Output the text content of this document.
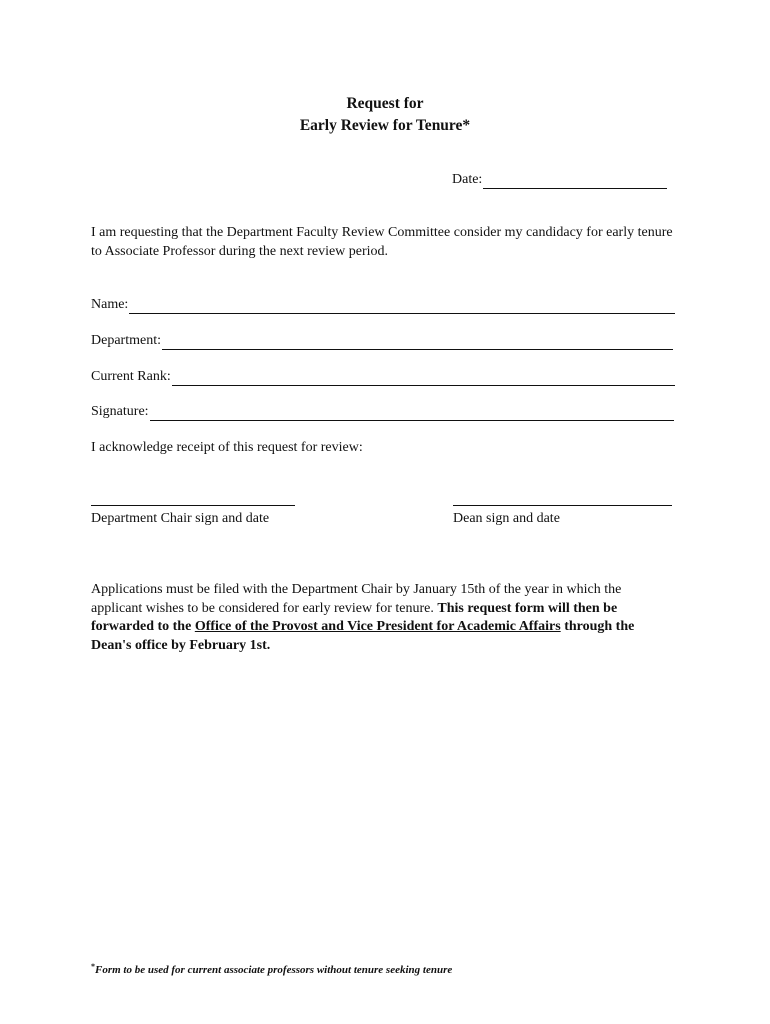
Request for
Early Review for Tenure*
Date:
I am requesting that the Department Faculty Review Committee consider my candidacy for early tenure to Associate Professor during the next review period.
Name:
Department:
Current Rank:
Signature:
I acknowledge receipt of this request for review:
Department Chair sign and date	Dean sign and date
Applications must be filed with the Department Chair by January 15th of the year in which the applicant wishes to be considered for early review for tenure. This request form will then be forwarded to the Office of the Provost and Vice President for Academic Affairs through the Dean's office by February 1st.
*Form to be used for current associate professors without tenure seeking tenure
